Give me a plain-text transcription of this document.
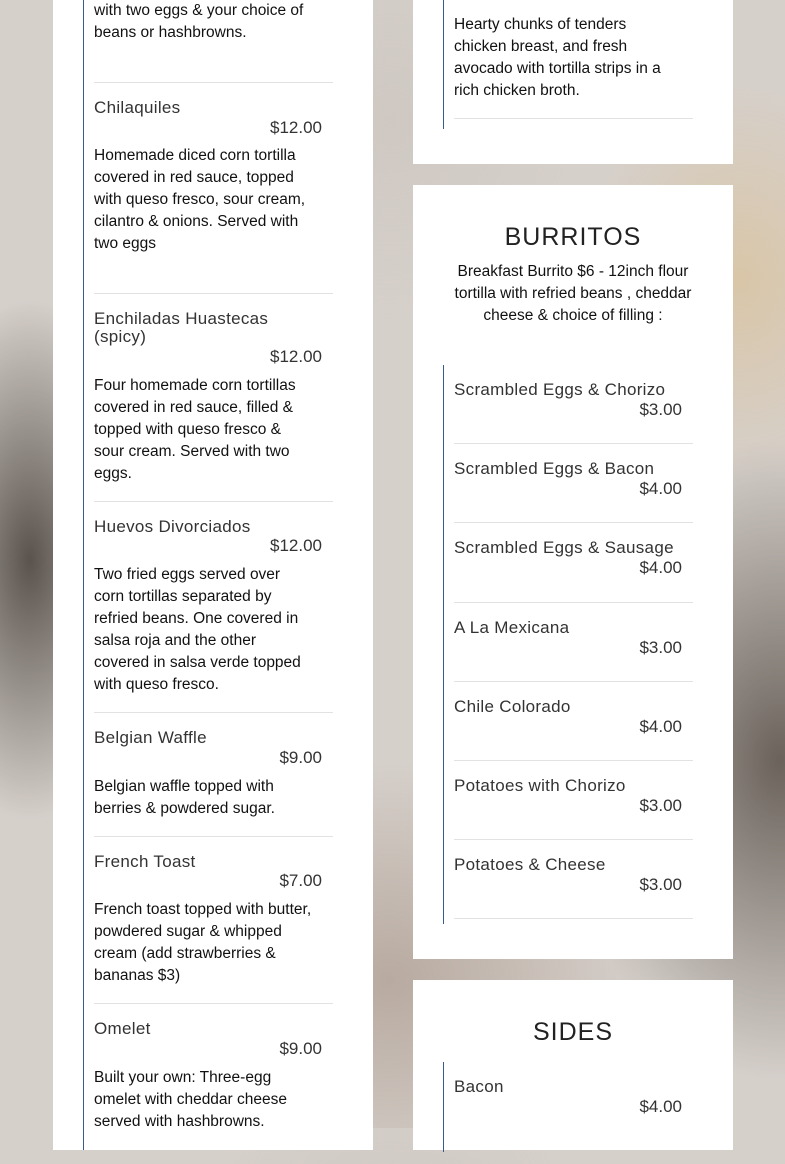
with two eggs & your choice of beans or hashbrowns.
Chilaquiles
$12.00
Homemade diced corn tortilla covered in red sauce, topped with queso fresco, sour cream, cilantro & onions. Served with two eggs
Enchiladas Huastecas (spicy)
$12.00
Four homemade corn tortillas covered in red sauce, filled & topped with queso fresco & sour cream. Served with two eggs.
Huevos Divorciados
$12.00
Two fried eggs served over corn tortillas separated by refried beans. One covered in salsa roja and the other covered in salsa verde topped with queso fresco.
Belgian Waffle
$9.00
Belgian waffle topped with berries & powdered sugar.
French Toast
$7.00
French toast topped with butter, powdered sugar & whipped cream (add strawberries & bananas $3)
Omelet
$9.00
Built your own: Three-egg omelet with cheddar cheese served with hashbrowns.
Hearty chunks of tenders chicken breast, and fresh avocado with tortilla strips in a rich chicken broth.
BURRITOS
Breakfast Burrito $6 - 12inch flour tortilla with refried beans , cheddar cheese & choice of filling :
Scrambled Eggs & Chorizo
$3.00
Scrambled Eggs & Bacon
$4.00
Scrambled Eggs & Sausage
$4.00
A La Mexicana
$3.00
Chile Colorado
$4.00
Potatoes with Chorizo
$3.00
Potatoes & Cheese
$3.00
SIDES
Bacon
$4.00
